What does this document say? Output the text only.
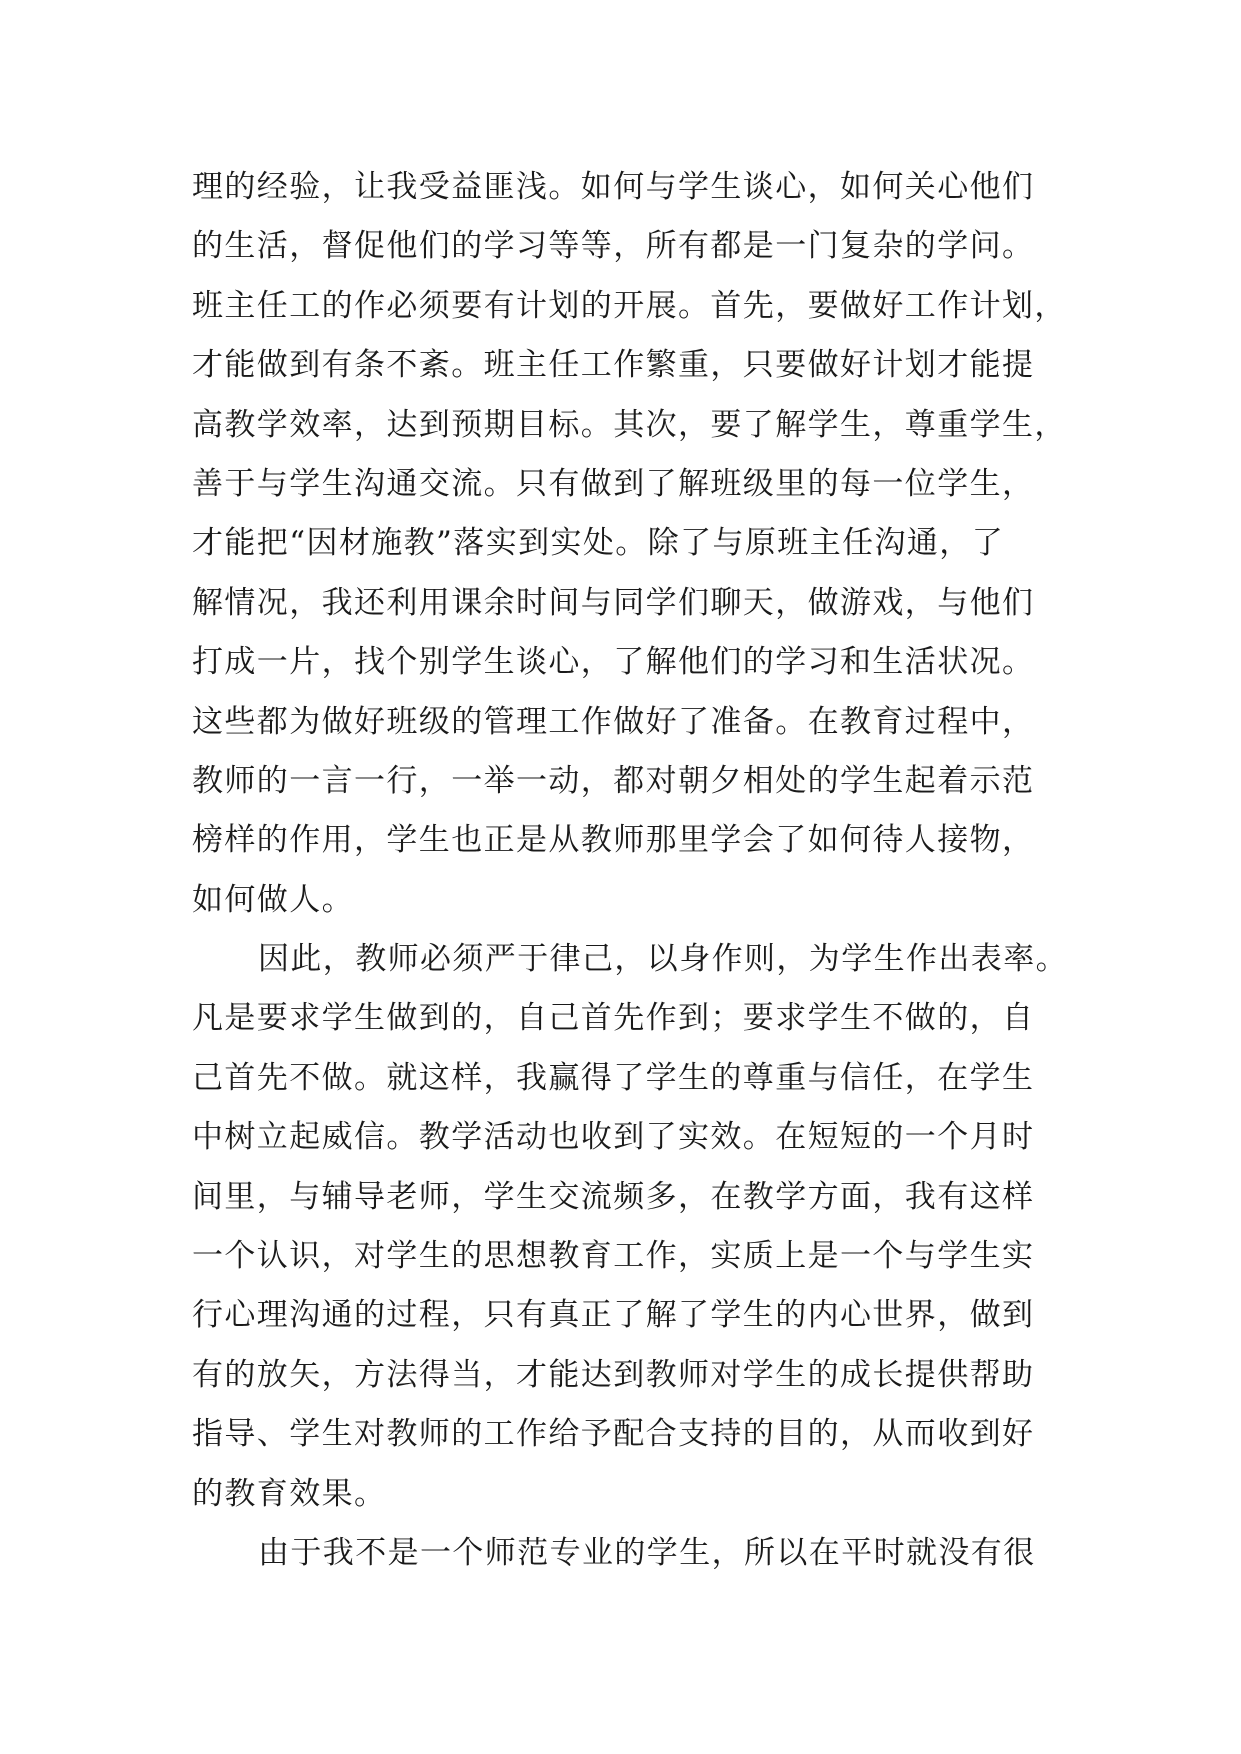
理的经验，让我受益匪浅。如何与学生谈心，如何关心他们
的生活，督促他们的学习等等，所有都是一门复杂的学问。
班主任工的作必须要有计划的开展。首先，要做好工作计划，
才能做到有条不紊。班主任工作繁重，只要做好计划才能提
高教学效率，达到预期目标。其次，要了解学生，尊重学生，
善于与学生沟通交流。只有做到了解班级里的每一位学生，
才能把“因材施教”落实到实处。除了与原班主任沟通，了
解情况，我还利用课余时间与同学们聊天，做游戏，与他们
打成一片，找个别学生谈心，了解他们的学习和生活状况。
这些都为做好班级的管理工作做好了准备。在教育过程中，
教师的一言一行，一举一动，都对朝夕相处的学生起着示范
榜样的作用，学生也正是从教师那里学会了如何待人接物，
如何做人。
因此，教师必须严于律己，以身作则，为学生作出表率。
凡是要求学生做到的，自己首先作到；要求学生不做的，自
己首先不做。就这样，我赢得了学生的尊重与信任，在学生
中树立起威信。教学活动也收到了实效。在短短的一个月时
间里，与辅导老师，学生交流频多，在教学方面，我有这样
一个认识，对学生的思想教育工作，实质上是一个与学生实
行心理沟通的过程，只有真正了解了学生的内心世界，做到
有的放矢，方法得当，才能达到教师对学生的成长提供帮助
指导、学生对教师的工作给予配合支持的目的，从而收到好
的教育效果。
由于我不是一个师范专业的学生，所以在平时就没有很
